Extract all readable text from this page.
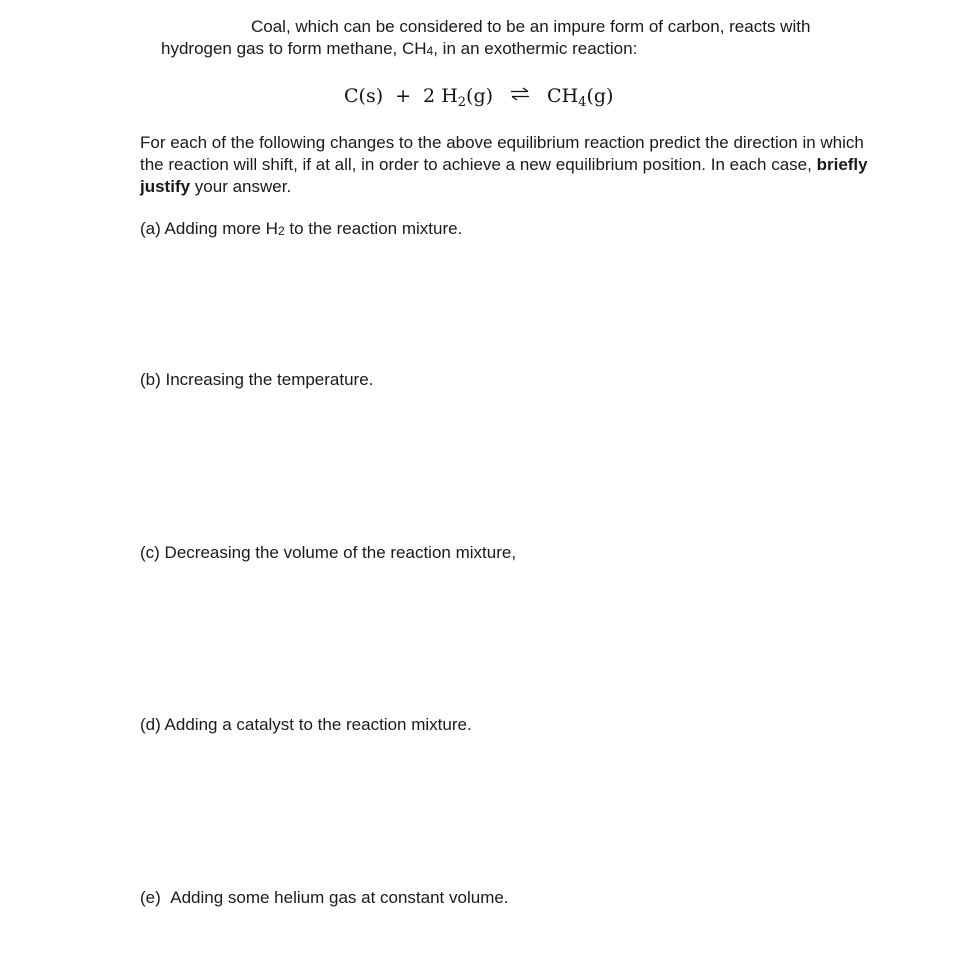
Coal, which can be considered to be an impure form of carbon, reacts with
hydrogen gas to form methane, $CH_4$, in an exothermic reaction:
C(s) + 2 $H_2(g)$ ⇌ $CH_4(g)$
For each of the following changes to the above equilibrium reaction predict the direction in which the reaction will shift, if at all, in order to achieve a new equilibrium position. In each case, briefly justify your answer.
(a) Adding more $H_2$ to the reaction mixture.
(b) Increasing the temperature.
(c) Decreasing the volume of the reaction mixture,
(d) Adding a catalyst to the reaction mixture.
(e) Adding some helium gas at constant volume.
